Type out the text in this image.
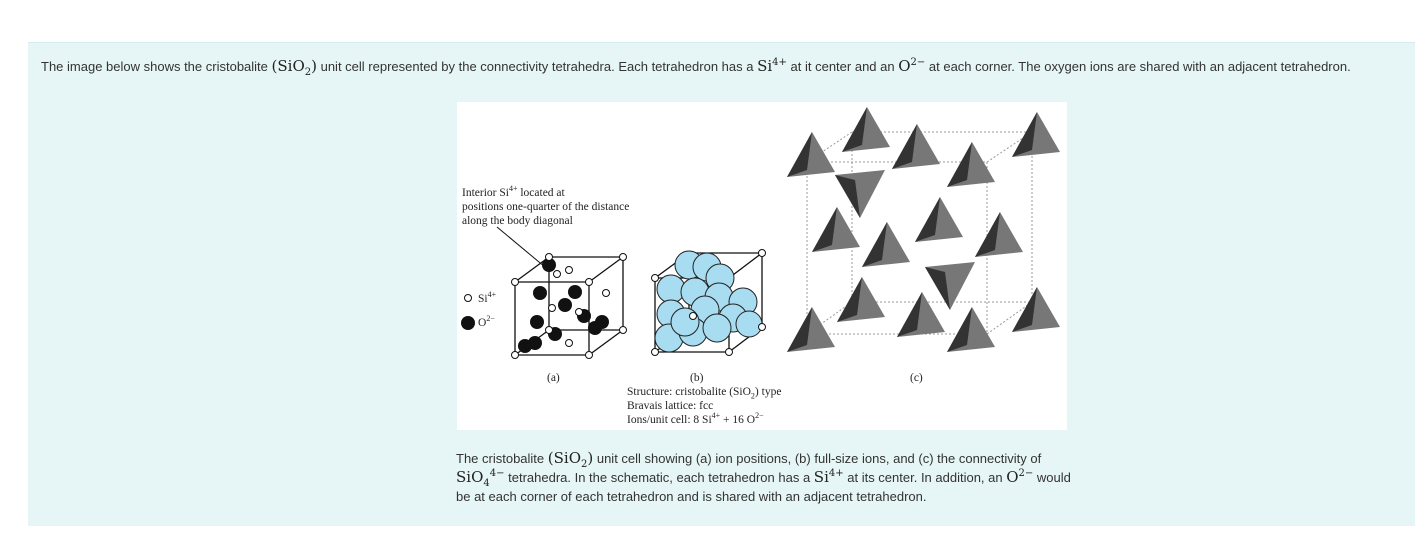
The image below shows the cristobalite (SiO$_2$) unit cell represented by the connectivity tetrahedra. Each tetrahedron has a $Si^{4+}$ at it center and an $O^{2-}$ at each corner. The oxygen ions are shared with an adjacent tetrahedron.
Interior $Si^{4+}$ located at
positions one-quarter of the distance
along the body diagonal
$Si^{4+}$
$O^{2-}$
(a)	(b)	(c)
Structure: cristobalite (SiO$_2$) type
Bravais lattice: fcc
Ions/unit cell: 8 $Si^{4+} + 16$ $O^{2-}$
The cristobalite (SiO$_2$) unit cell showing (a) ion positions, (b) full-size ions, and (c) the connectivity of SiO$_4^{4-}$ tetrahedra. In the schematic, each tetrahedron has a $Si^{4+}$ at its center. In addition, an $O^{2-}$ would be at each corner of each tetrahedron and is shared with an adjacent tetrahedron.
